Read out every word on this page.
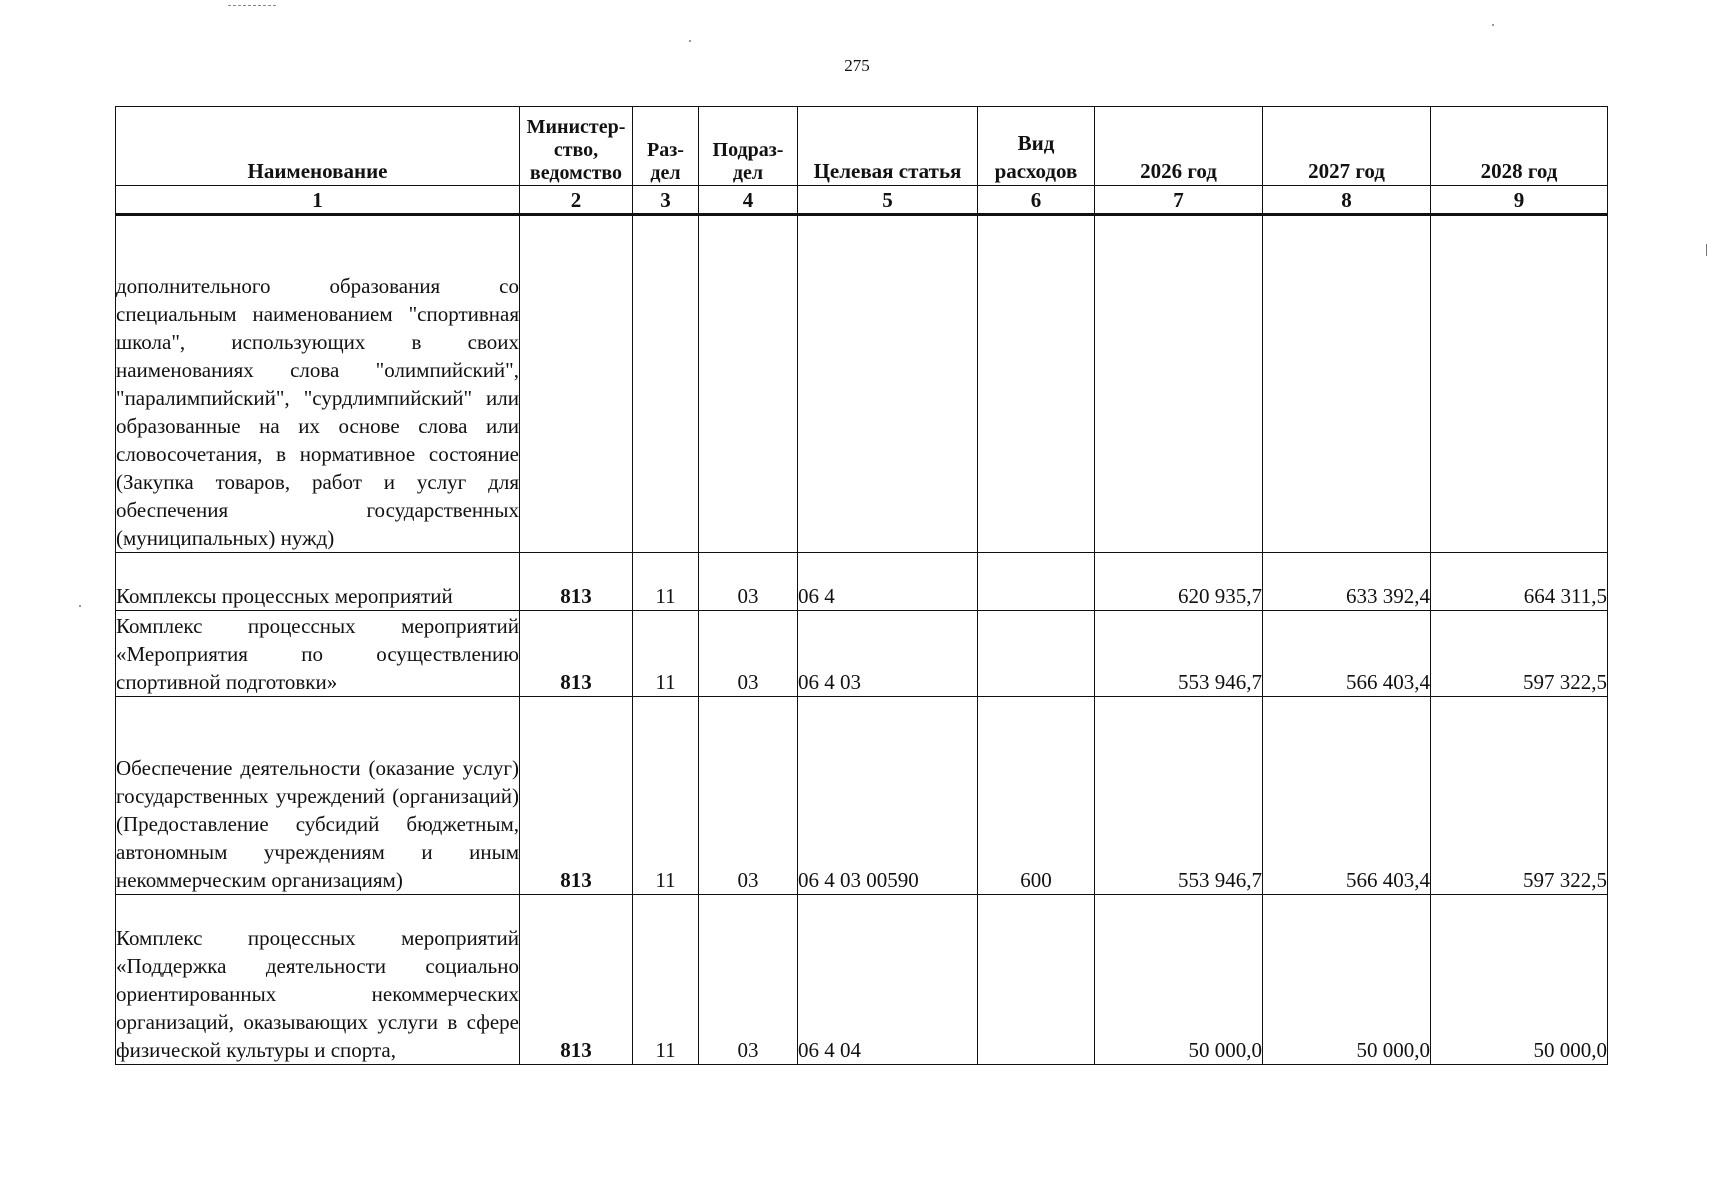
275
Наименование	Министер-ство, ведомство	Раз-дел	Подраз-дел	Целевая статья	Вид расходов	2026 год	2027 год	2028 год
1	2	3	4	5	6	7	8	9
дополнительного образования со специальным наименованием "спортивная школа", использующих в своих наименованиях слова "олимпийский", "паралимпийский", "сурдлимпийский" или образованные на их основе слова или словосочетания, в нормативное состояние (Закупка товаров, работ и услуг для обеспечения государственных (муниципальных) нужд)								
Комплексы процессных мероприятий	813	11	03	06 4		620 935,7	633 392,4	664 311,5
Комплекс процессных мероприятий «Мероприятия по осуществлению спортивной подготовки»	813	11	03	06 4 03		553 946,7	566 403,4	597 322,5
Обеспечение деятельности (оказание услуг) государственных учреждений (организаций) (Предоставление субсидий бюджетным, автономным учреждениям и иным некоммерческим организациям)	813	11	03	06 4 03 00590	600	553 946,7	566 403,4	597 322,5
Комплекс процессных мероприятий «Поддержка деятельности социально ориентированных некоммерческих организаций, оказывающих услуги в сфере физической культуры и спорта,	813	11	03	06 4 04		50 000,0	50 000,0	50 000,0
